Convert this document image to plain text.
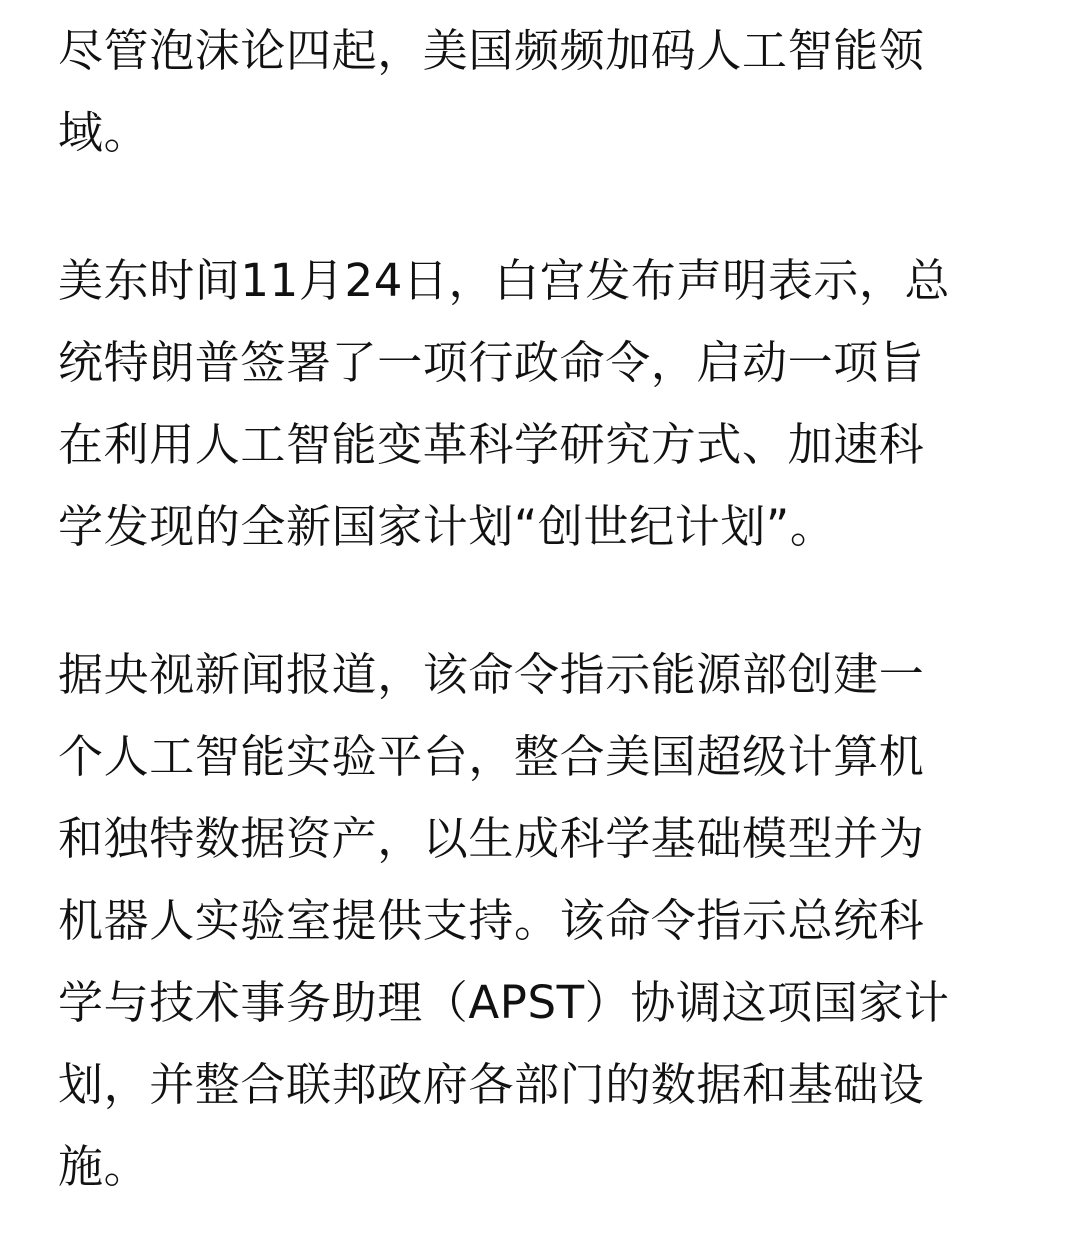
尽管泡沫论四起，美国频频加码人工智能领
域。
美东时间11月24日，白宫发布声明表示，总
统特朗普签署了一项行政命令，启动一项旨
在利用人工智能变革科学研究方式、加速科
学发现的全新国家计划“创世纪计划”。
据央视新闻报道，该命令指示能源部创建一
个人工智能实验平台，整合美国超级计算机
和独特数据资产，以生成科学基础模型并为
机器人实验室提供支持。该命令指示总统科
学与技术事务助理（APST）协调这项国家计
划，并整合联邦政府各部门的数据和基础设
施。
